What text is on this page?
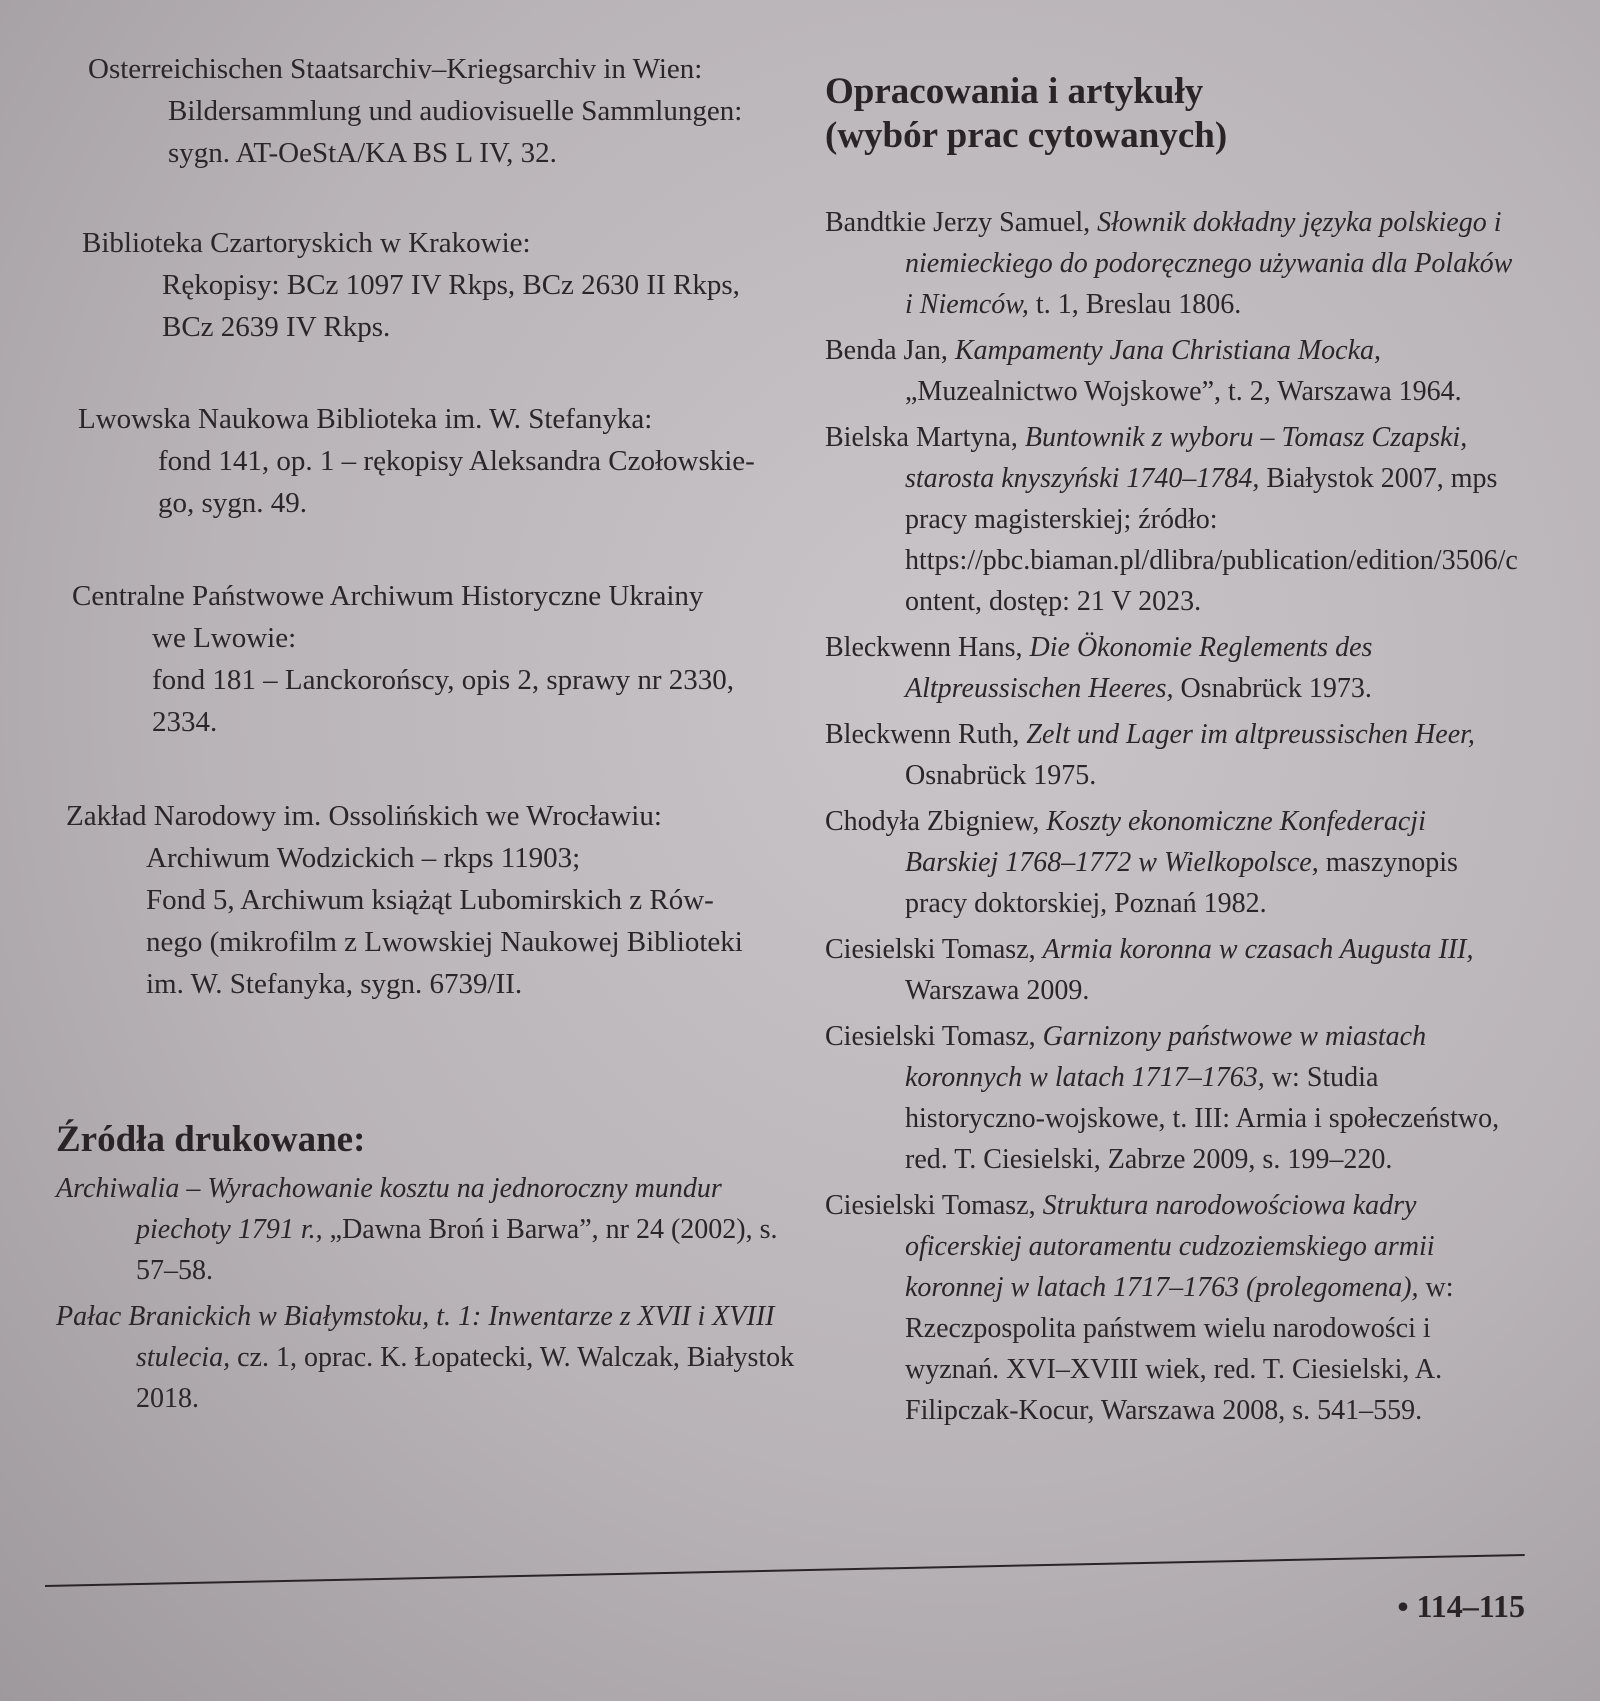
Osterreichischen Staatsarchiv–Kriegsarchiv in Wien:
Bildersammlung und audiovisuelle Sammlungen:
sygn. AT-OeStA/KA BS L IV, 32.
Biblioteka Czartoryskich w Krakowie:
Rękopisy: BCz 1097 IV Rkps, BCz 2630 II Rkps,
BCz 2639 IV Rkps.
Lwowska Naukowa Biblioteka im. W. Stefanyka:
fond 141, op. 1 – rękopisy Aleksandra Czołowskie-
go, sygn. 49.
Centralne Państwowe Archiwum Historyczne Ukrainy
we Lwowie:
fond 181 – Lanckorońscy, opis 2, sprawy nr 2330,
2334.
Zakład Narodowy im. Ossolińskich we Wrocławiu:
Archiwum Wodzickich – rkps 11903;
Fond 5, Archiwum książąt Lubomirskich z Rów-
nego (mikrofilm z Lwowskiej Naukowej Biblioteki
im. W. Stefanyka, sygn. 6739/II.
Źródła drukowane:

Archiwalia – Wyrachowanie kosztu na jednoroczny mundur piechoty 1791 r., „Dawna Broń i Barwa”, nr 24 (2002), s. 57–58.

Pałac Branickich w Białymstoku, t. 1: Inwentarze z XVII i XVIII stulecia, cz. 1, oprac. K. Łopatecki, W. Walczak, Białystok 2018.

Opracowania i artykuły
(wybór prac cytowanych)

Bandtkie Jerzy Samuel, Słownik dokładny języka polskiego i niemieckiego do podoręcznego używania dla Polaków i Niemców, t. 1, Breslau 1806.

Benda Jan, Kampamenty Jana Christiana Mocka, „Muzealnictwo Wojskowe”, t. 2, Warszawa 1964.

Bielska Martyna, Buntownik z wyboru – Tomasz Czapski, starosta knyszyński 1740–1784, Białystok 2007, mps pracy magisterskiej; źródło: https://pbc.biaman.pl/dlibra/publication/edition/3506/content, dostęp: 21 V 2023.

Bleckwenn Hans, Die Ökonomie Reglements des Altpreussischen Heeres, Osnabrück 1973.

Bleckwenn Ruth, Zelt und Lager im altpreussischen Heer, Osnabrück 1975.

Chodyła Zbigniew, Koszty ekonomiczne Konfederacji Barskiej 1768–1772 w Wielkopolsce, maszynopis pracy doktorskiej, Poznań 1982.

Ciesielski Tomasz, Armia koronna w czasach Augusta III, Warszawa 2009.

Ciesielski Tomasz, Garnizony państwowe w miastach koronnych w latach 1717–1763, w: Studia historyczno-wojskowe, t. III: Armia i społeczeństwo, red. T. Ciesielski, Zabrze 2009, s. 199–220.

Ciesielski Tomasz, Struktura narodowościowa kadry oficerskiej autoramentu cudzoziemskiego armii koronnej w latach 1717–1763 (prolegomena), w: Rzeczpospolita państwem wielu narodowości i wyznań. XVI–XVIII wiek, red. T. Ciesielski, A. Filipczak-Kocur, Warszawa 2008, s. 541–559.

• 114–115
